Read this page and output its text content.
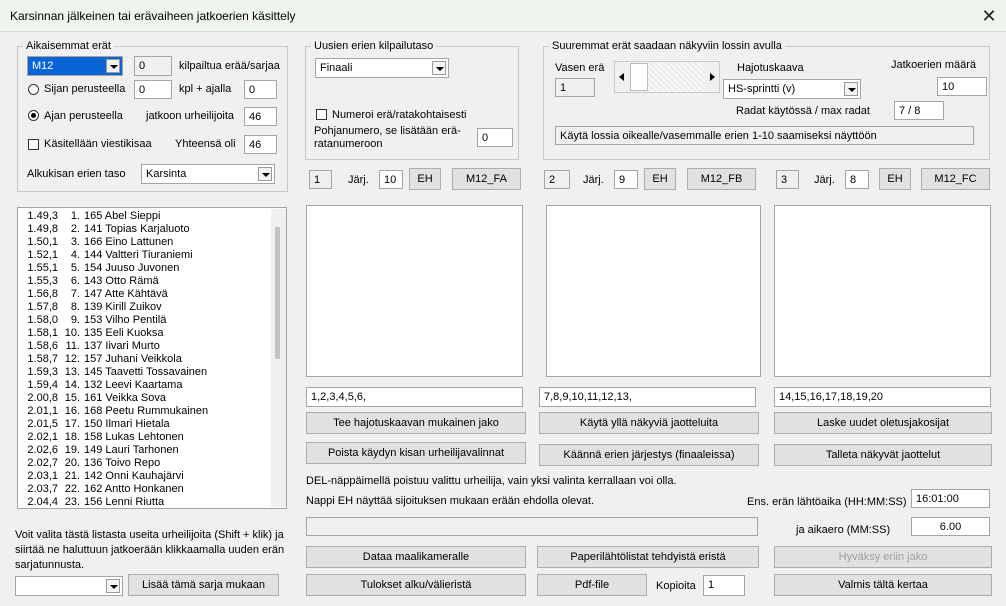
Karsinnan jälkeinen tai erävaiheen jatkoerien käsittely	✕
Aikaisemmat erät
M12	0	kilpailtua erää/sarjaa
Sijan perusteella	0	kpl + ajalla	0
Ajan perusteella jatkoon urheilijoita	46
Käsitellään viestikisaa Yhteensä oli	46
Alkukisan erien taso	Karsinta
Uusien erien kilpailutaso
Finaali
Numeroi erä/ratakohtaisesti
Pohjanumero, se lisätään erä-
ratanumeroon	0
Suuremmat erät saadaan näkyviin lossin avulla
Vasen erä
1
Hajotuskaava
HS-sprintti (v)
Jatkoerien määrä
10
Radat käytössä / max radat	7 / 8
Käytä lossia oikealle/vasemmalle erien 1-10 saamiseksi näyttöön
1	Järj.	10	EH	M12_FA	2	Järj.	9	EH	M12_FB	3	Järj.	8	EH	M12_FC
1,2,3,4,5,6,	7,8,9,10,11,12,13,	14,15,16,17,18,19,20
1.49,3 1. 165 Abel Sieppi
1.49,8 2. 141 Topias Karjaluoto
1.50,1 3. 166 Eino Lattunen
1.52,1 4. 144 Valtteri Tiuraniemi
1.55,1 5. 154 Juuso Juvonen
1.55,3 6. 143 Otto Rämä
1.56,8 7. 147 Atte Kähtävä
1.57,8 8. 139 Kirill Zuikov
1.58,0 9. 153 Vilho Pentilä
1.58,1 10. 135 Eeli Kuoksa
1.58,6 11. 137 Iivari Murto
1.58,7 12. 157 Juhani Veikkola
1.59,3 13. 145 Taavetti Tossavainen
1.59,4 14. 132 Leevi Kaartama
2.00,8 15. 161 Veikka Sova
2.01,1 16. 168 Peetu Rummukainen
2.01,5 17. 150 Ilmari Hietala
2.02,1 18. 158 Lukas Lehtonen
2.02,6 19. 149 Lauri Tarhonen
2.02,7 20. 136 Toivo Repo
2.03,1 21. 142 Onni Kauhajärvi
2.03,7 22. 162 Antto Honkanen
2.04,4 23. 156 Lenni Riutta
Voit valita tästä listasta useita urheilijoita (Shift + klik) ja siirtää ne haluttuun jatkoerään klikkaamalla uuden erän sarjatunnusta.
Lisää tämä sarja mukaan
Tee hajotuskaavan mukainen jako	Käytä yllä näkyviä jaotteluita	Laske uudet oletusjakosijat
Poista käydyn kisan urheilijavalinnat	Käännä erien järjestys (finaaleissa)	Talleta näkyvät jaottelut
DEL-näppäimellä poistuu valittu urheilija, vain yksi valinta kerrallaan voi olla.
Nappi EH näyttää sijoituksen mukaan erään ehdolla olevat.	Ens. erän lähtöaika (HH:MM:SS) 16:01:00
ja aikaero (MM:SS)	6.00
Dataa maalikameralle	Paperilähtölistat tehdyistä eristä	Hyväksy eriin jako
Tulokset alku/välieristä	Pdf-file	Kopioita	1	Valmis tältä kertaa
